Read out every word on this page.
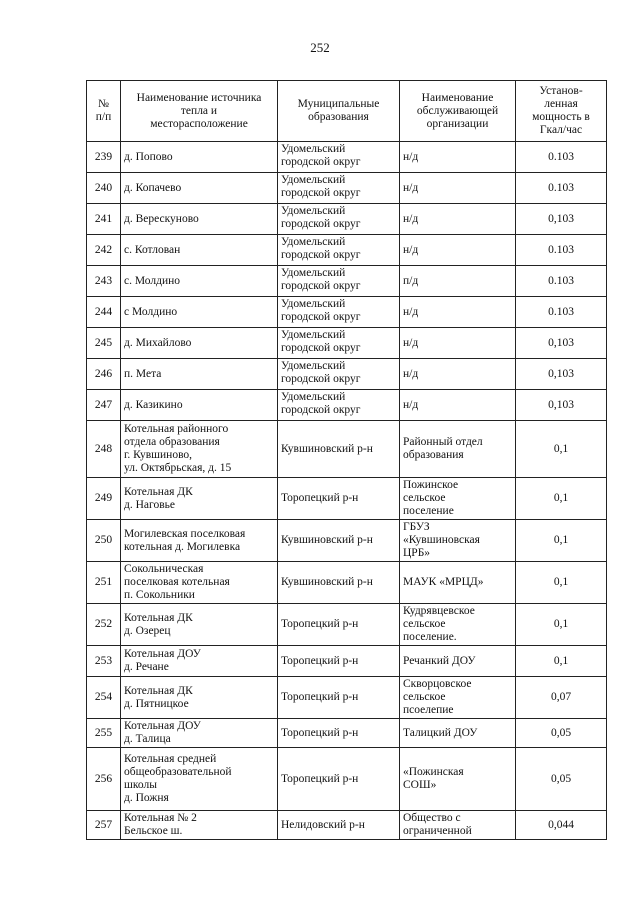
252
№
п/п	Наименование источника
тепла и
месторасположение	Муниципальные
образования	Наименование
обслуживающей
организации	Установ-
ленная
мощность в
Гкал/час

239	д. Попово	Удомельский
городской округ	н/д	0.103

240	д. Копачево	Удомельский
городской округ	н/д	0.103

241	д. Верескуново	Удомельский
городской округ	н/д	0,103

242	с. Котлован	Удомельский
городской округ	н/д	0.103

243	с. Молдино	Удомельский
городской округ	п/д	0.103

244	с Молдино	Удомельский
городской округ	н/д	0.103

245	д. Михайлово	Удомельский
городской округ	н/д	0,103

246	п. Мета	Удомельский
городской округ	н/д	0,103

247	д. Казикино	Удомельский
городской округ	н/д	0,103

248	Котельная районного
отдела образования
г. Кувшиново,
ул. Октябрьская, д. 15	Кувшиновский р-н	Районный отдел
образования	0,1

249	Котельная ДК
д. Наговье	Торопецкий р-н	Пожинское
сельское
поселение	0,1

250	Могилевская поселковая
котельная д. Могилевка	Кувшиновский р-н	ГБУЗ
«Кувшиновская
ЦРБ»	0,1

251	Сокольническая
поселковая котельная
п. Сокольники	Кувшиновский р-н	МАУК «МРЦД»	0,1

252	Котельная ДК
д. Озерец	Торопецкий р-н	Кудрявцевское
сельское
поселение.	0,1

253	Котельная ДОУ
д. Речане	Торопецкий р-н	Речанкий ДОУ	0,1

254	Котельная ДК
д. Пятницкое	Торопецкий р-н	Скворцовское
сельское
псоелепие	0,07

255	Котельная ДОУ
д. Талица	Торопецкий р-н	Талицкий ДОУ	0,05

256	Котельная средней
общеобразовательной
школы
д. Пожня	Торопецкий р-н	«Пожинская
СОШ»	0,05

257	Котельная № 2
Бельское ш.	Нелидовский р-н	Общество с
ограниченной	0,044
